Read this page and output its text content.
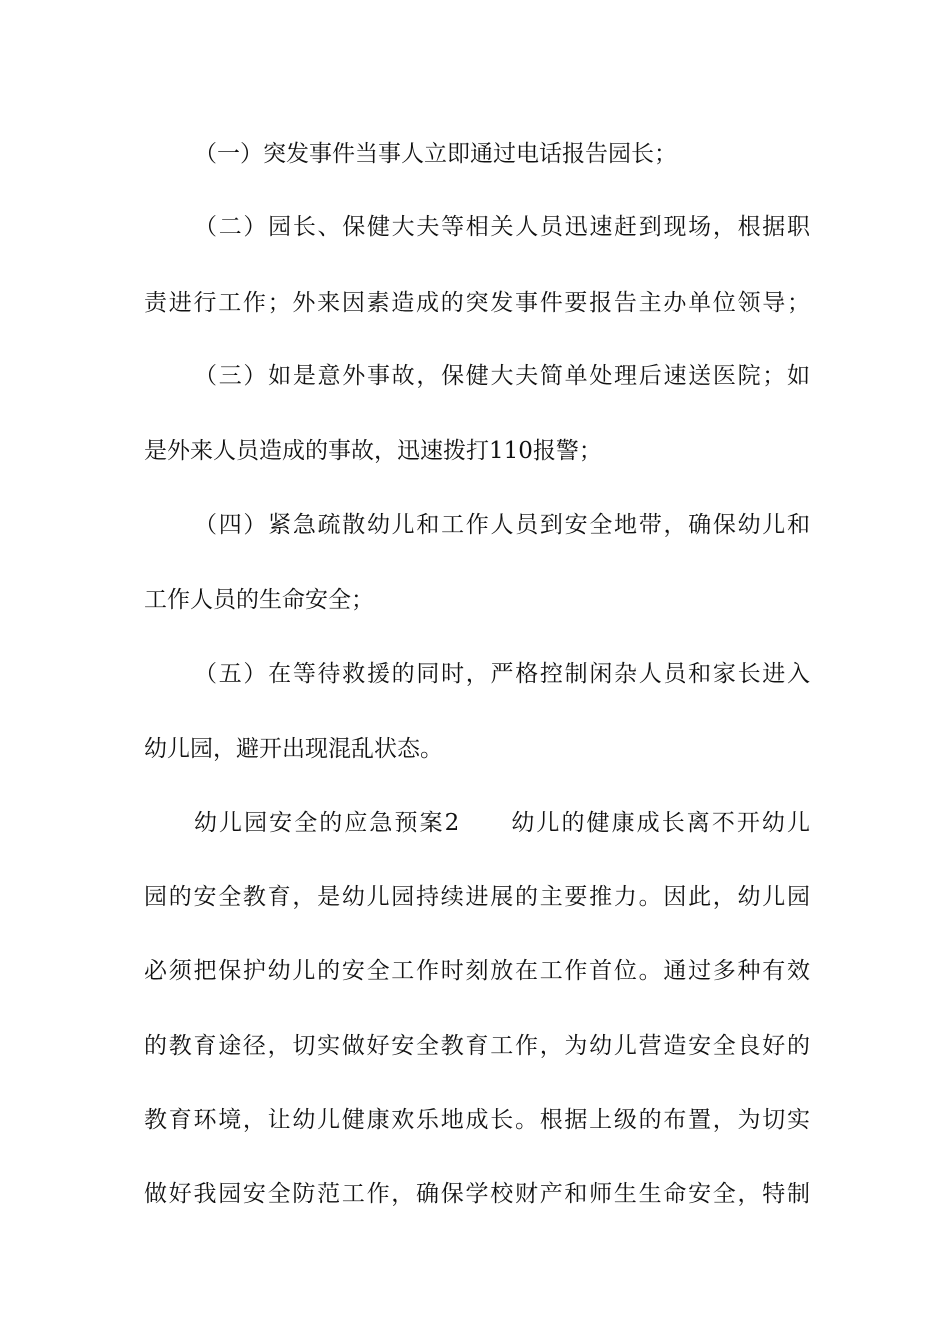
（一）突发事件当事人立即通过电话报告园长；
（二）园长、保健大夫等相关人员迅速赶到现场，根据职
责进行工作；外来因素造成的突发事件要报告主办单位领导；
（三）如是意外事故，保健大夫简单处理后速送医院；如
是外来人员造成的事故，迅速拨打110报警；
（四）紧急疏散幼儿和工作人员到安全地带，确保幼儿和
工作人员的生命安全；
（五）在等待救援的同时，严格控制闲杂人员和家长进入
幼儿园，避开出现混乱状态。
幼儿园安全的应急预案2　　幼儿的健康成长离不开幼儿
园的安全教育，是幼儿园持续进展的主要推力。因此，幼儿园
必须把保护幼儿的安全工作时刻放在工作首位。通过多种有效
的教育途径，切实做好安全教育工作，为幼儿营造安全良好的
教育环境，让幼儿健康欢乐地成长。根据上级的布置，为切实
做好我园安全防范工作，确保学校财产和师生生命安全，特制
